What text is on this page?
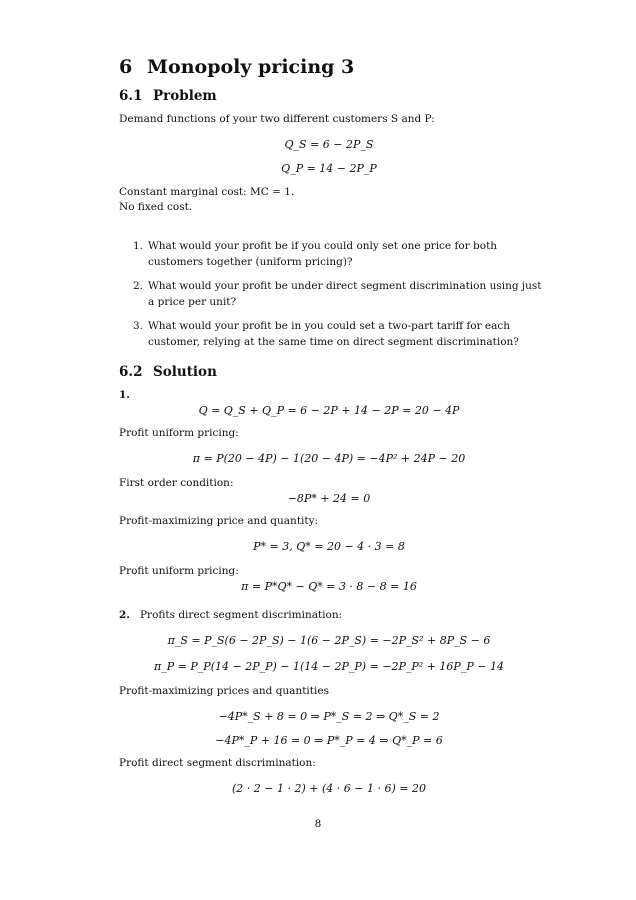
6 Monopoly pricing 3
6.1 Problem
Demand functions of your two different customers S and P:
Q_S = 6 − 2P_S
Q_P = 14 − 2P_P
Constant marginal cost: MC = 1.
No fixed cost.
1. What would your profit be if you could only set one price for both customers together (uniform pricing)?
2. What would your profit be under direct segment discrimination using just a price per unit?
3. What would your profit be in you could set a two-part tariff for each customer, relying at the same time on direct segment discrimination?
6.2 Solution
1.
Q = Q_S + Q_P = 6 − 2P + 14 − 2P = 20 − 4P
Profit uniform pricing:
π = P(20 − 4P) − 1(20 − 4P) = −4P² + 24P − 20
First order condition:
−8P* + 24 = 0
Profit-maximizing price and quantity:
P* = 3, Q* = 20 − 4 · 3 = 8
Profit uniform pricing:
π = P*Q* − Q* = 3 · 8 − 8 = 16
2. Profits direct segment discrimination:
π_S = P_S(6 − 2P_S) − 1(6 − 2P_S) = −2P_S² + 8P_S − 6
π_P = P_P(14 − 2P_P) − 1(14 − 2P_P) = −2P_P² + 16P_P − 14
Profit-maximizing prices and quantities
−4P*_S + 8 = 0 ⇒ P*_S = 2 ⇒ Q*_S = 2
−4P*_P + 16 = 0 ⇒ P*_P = 4 ⇒ Q*_P = 6
Profit direct segment discrimination:
(2 · 2 − 1 · 2) + (4 · 6 − 1 · 6) = 20
8
